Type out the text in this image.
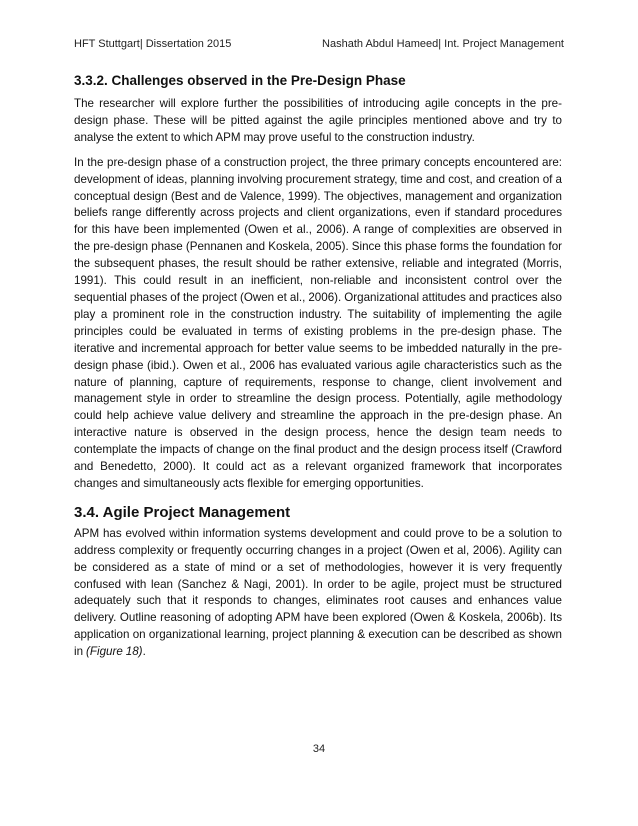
HFT Stuttgart| Dissertation 2015	Nashath Abdul Hameed| Int. Project Management
3.3.2. Challenges observed in the Pre-Design Phase

The researcher will explore further the possibilities of introducing agile concepts in the pre-design phase. These will be pitted against the agile principles mentioned above and try to analyse the extent to which APM may prove useful to the construction industry.

In the pre-design phase of a construction project, the three primary concepts encountered are: development of ideas, planning involving procurement strategy, time and cost, and creation of a conceptual design (Best and de Valence, 1999). The objectives, management and organization beliefs range differently across projects and client organizations, even if standard procedures for this have been implemented (Owen et al., 2006). A range of complexities are observed in the pre-design phase (Pennanen and Koskela, 2005). Since this phase forms the foundation for the subsequent phases, the result should be rather extensive, reliable and integrated (Morris, 1991). This could result in an inefficient, non-reliable and inconsistent control over the sequential phases of the project (Owen et al., 2006). Organizational attitudes and practices also play a prominent role in the construction industry. The suitability of implementing the agile principles could be evaluated in terms of existing problems in the pre-design phase. The iterative and incremental approach for better value seems to be imbedded naturally in the pre-design phase (ibid.). Owen et al., 2006 has evaluated various agile characteristics such as the nature of planning, capture of requirements, response to change, client involvement and management style in order to streamline the design process. Potentially, agile methodology could help achieve value delivery and streamline the approach in the pre-design phase. An interactive nature is observed in the design process, hence the design team needs to contemplate the impacts of change on the final product and the design process itself (Crawford and Benedetto, 2000). It could act as a relevant organized framework that incorporates changes and simultaneously acts flexible for emerging opportunities.

3.4. Agile Project Management

APM has evolved within information systems development and could prove to be a solution to address complexity or frequently occurring changes in a project (Owen et al, 2006). Agility can be considered as a state of mind or a set of methodologies, however it is very frequently confused with lean (Sanchez & Nagi, 2001). In order to be agile, project must be structured adequately such that it responds to changes, eliminates root causes and enhances value delivery. Outline reasoning of adopting APM have been explored (Owen & Koskela, 2006b). Its application on organizational learning, project planning & execution can be described as shown in (Figure 18).

34
